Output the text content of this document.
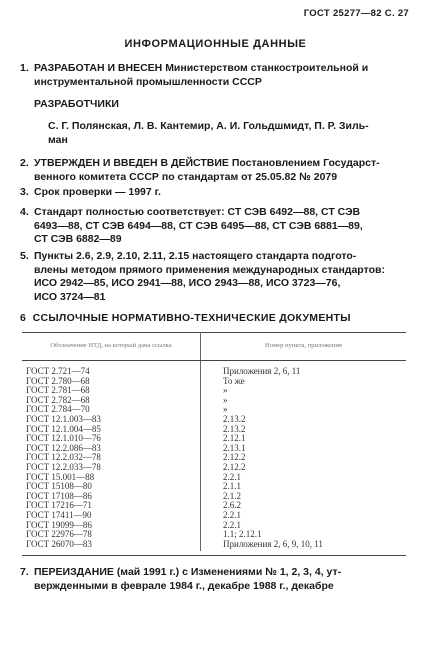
ГОСТ 25277—82 С. 27
ИНФОРМАЦИОННЫЕ ДАННЫЕ
1. РАЗРАБОТАН И ВНЕСЕН Министерством станкостроительной и
инструментальной промышленности СССР
РАЗРАБОТЧИКИ
С. Г. Полянская, Л. В. Кантемир, А. И. Гольдшмидт, П. Р. Зиль-
ман
2. УТВЕРЖДЕН И ВВЕДЕН В ДЕЙСТВИЕ Постановлением Государст-
венного комитета СССР по стандартам от 25.05.82 № 2079
3. Срок проверки — 1997 г.
4. Стандарт полностью соответствует: СТ СЭВ 6492—88, СТ СЭВ
6493—88, СТ СЭВ 6494—88, СТ СЭВ 6495—88, СТ СЭВ 6881—89,
СТ СЭВ 6882—89
5. Пункты 2.6, 2.9, 2.10, 2.11, 2.15 настоящего стандарта подгото-
влены методом прямого применения международных стандартов:
ИСО 2942—85, ИСО 2941—88, ИСО 2943—88, ИСО 3723—76,
ИСО 3724—81
6 ССЫЛОЧНЫЕ НОРМАТИВНО-ТЕХНИЧЕСКИЕ ДОКУМЕНТЫ
Обозначение НТД, на который дана ссылка	Номер пункта, приложения
ГОСТ 2.721—74	Приложения 2, 6, 11
ГОСТ 2.780—68	То же
ГОСТ 2.781—68	»
ГОСТ 2.782—68	»
ГОСТ 2.784—70	»
ГОСТ 12.1.003—83	2.13.2
ГОСТ 12.1.004—85	2.13.2
ГОСТ 12.1.010—76	2.12.1
ГОСТ 12.2.086—83	2.13.1
ГОСТ 12.2.032—78	2.12.2
ГОСТ 12.2.033—78	2.12.2
ГОСТ 15.001—88	2.2.1
ГОСТ 15108—80	2.1.1
ГОСТ 17108—86	2.1.2
ГОСТ 17216—71	2.6.2
ГОСТ 17411—90	2.2.1
ГОСТ 19099—86	2.2.1
ГОСТ 22976—78	1.1; 2.12.1
ГОСТ 26070—83	Приложения 2, 6, 9, 10, 11
7. ПЕРЕИЗДАНИЕ (май 1991 г.) с Изменениями № 1, 2, 3, 4, ут-
вержденными в феврале 1984 г., декабре 1988 г., декабре
